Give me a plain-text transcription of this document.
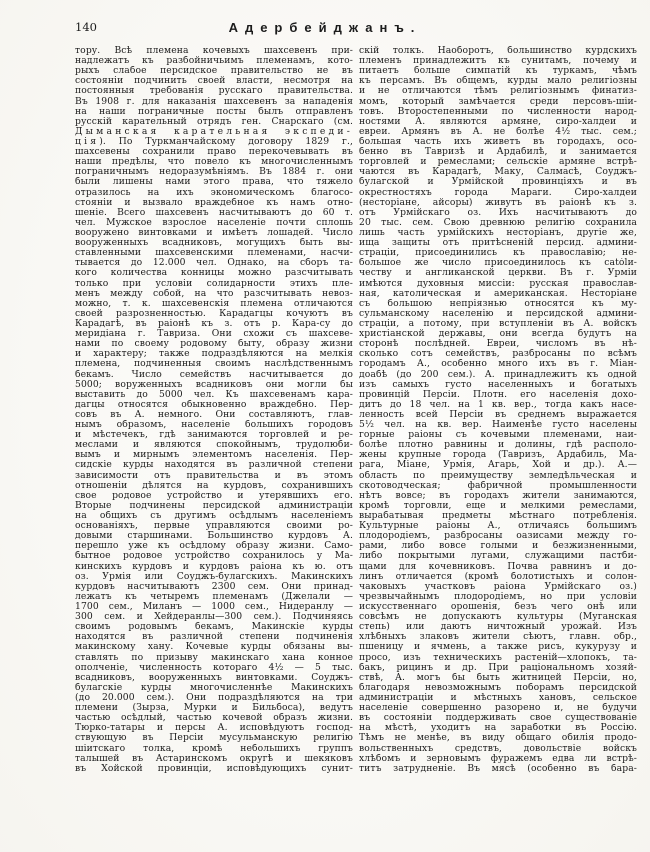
140	Адербейджанъ.
тору. Всѣ племена кочевыхъ шахсевенъ при-
надлежатъ къ разбойничьимъ племенамъ, кото-
рыхъ слабое персидское правительство не въ
состояніи подчинить своей власти, несмотря на
постоянныя требованія русскаго правительства.
Въ 1908 г. для наказанія шахсевенъ за нападенія
на наши пограничные посты былъ отправленъ
русскій карательный отрядъ ген. Снарскаго (см.
Дыманская карательная экспеди-
ція). По Туркманчайскому договору 1829 г.,
шахсевены сохранили право перекочевывать въ
наши предѣлы, что повело къ многочисленнымъ
пограничнымъ недоразумѣніямъ. Въ 1884 г. они
были лишены нами этого права, что тяжело
отразилось на ихъ экономическомъ благосо-
стояніи и вызвало враждебное къ намъ отно-
шеніе. Всего шахсевенъ насчитываютъ до 60 т.
чел. Мужское взрослое населеніе почти сплошь
вооружено винтовками и имѣетъ лошадей. Число
вооруженныхъ всадниковъ, могущихъ быть вы-
ставленными шахсевенскими племенами, насчи-
тывается до 12.000 чел. Однако, на сборъ та-
кого количества конницы можно разсчитывать
только при условіи солидарности этихъ пле-
менъ между собой, на что разсчитывать невоз-
можно, т. к. шахсевенскія племена отличаются
своей разрозненностью. Карадагцы кочуютъ въ
Карадагѣ, въ раіонѣ къ з. отъ р. Кара-су до
меридіана г. Тавриза. Они схожи съ шахсеве-
нами по своему родовому быту, образу жизни
и характеру; также подраздѣляются на мелкія
племена, подчиненныя своимъ наслѣдственнымъ
бекамъ. Число семействъ насчитывается до
5000; воруженныхъ всадниковъ они могли бы
выставить до 5000 чел. Къ шахсевенамъ кара-
дагцы относятся обыкновенно враждебно. Пер-
совъ въ А. немного. Они составляютъ, глав-
нымъ образомъ, населеніе большихъ городовъ
и мѣстечекъ, гдѣ занимаются торговлей и ре-
меслами и являются спокойнымъ, трудолюби-
вымъ и мирнымъ элементомъ населенія. Пер-
сидскіе курды находятся въ различной степени
зависимости отъ правительства и въ этомъ
отношеніи дѣлятся на курдовъ, сохранившихъ
свое родовое устройство и утерявшихъ его.
Вторые подчинены персидской администраціи
на общихъ съ другимъ осѣдлымъ населеніемъ
основаніяхъ, первые управляются своими ро-
довыми старшинами. Большинство курдовъ А.
перешло уже къ осѣдлому образу жизни. Само-
бытное родовое устройство сохранилось у Ма-
кинскихъ курдовъ и курдовъ раіона къ ю. отъ
оз. Урмія или Соуджъ-булагскихъ. Макинскихъ
курдовъ насчитываютъ 2300 сем. Они принад-
лежатъ къ четыремъ племенамъ (Джелали —
1700 сем., Миланъ — 1000 сем., Нидеранлу —
300 сем. и Хейдеранлы—300 сем.). Подчиняясь
своимъ родовымъ бекамъ, Макинскіе курды
находятся въ различной степени подчиненія
макинскому хану. Кочевые курды обязаны вы-
ставлять по призыву макинскаго хана конное
ополченіе, численность котораго 4½ — 5 тыс.
всадниковъ, вооруженныхъ винтовками. Соуджъ-
булагскіе курды многочисленнѣе Макинскихъ
(до 20.000 сем.). Они подраздѣляются на три
племени (Зырза, Мурки и Бильбоса), ведутъ
частью осѣдлый, частью кочевой образъ жизни.
Тюрко-татары и персы А. исповѣдуютъ господ-
ствующую въ Персіи мусульманскую религію
шіитскаго толка, кромѣ небольшихъ группъ
талышей въ Астаринскомъ округѣ и шекяковъ
въ Хойской провинціи, исповѣдующихъ сунит-
скій толкъ. Наоборотъ, большинство курдскихъ
племенъ принадлежитъ къ сунитамъ, почему и
питаетъ больше симпатій къ туркамъ, чѣмъ
къ персамъ. Въ общемъ, курды мало религіозны
и не отличаются тѣмъ религіознымъ финатиз-
момъ, который замѣчается среди персовъ-шіи-
товъ. Второстепенными по численности народ-
ностями А. являются армяне, сиро-халдеи и
евреи. Армянъ въ А. не болѣе 4½ тыс. сем.;
большая часть ихъ живетъ въ городахъ, осо-
бенно въ Тавризѣ и Ардабилѣ, и занимается
торговлей и ремеслами; сельскіе армяне встрѣ-
чаются въ Карадагѣ, Маку, Салмасѣ, Соуджъ-
булагской и Урмійской провинціяхъ и въ
окрестностяхъ города Мараги. Сиро-халдеи
(несторіане, айсоры) живутъ въ раіонѣ къ з.
отъ Урмійскаго оз. Ихъ насчитываютъ до
20 тыс. сем. Свою древнюю религію сохранила
лишь часть урмійскихъ несторіанъ, другіе же,
ища защиты отъ притѣсненій персид. админи-
страціи, присоединились къ православію; не-
большое же число присоединилось къ católи-
честву и англиканской церкви. Въ г. Урміи
имѣются духовныя миссіи: русская православ-
ная, католическая и американская. Несторіане
съ большою непріязнью относятся къ му-
сульманскому населенію и персидской админи-
страціи, а потому, при вступленіи въ А. войскъ
христіанской державы, они всегда будутъ на
сторонѣ послѣдней. Евреи, числомъ въ нѣ-
сколько сотъ семействъ, разбросаны по всѣмъ
городамъ А., особенно много ихъ въ г. Міан-
доабѣ (до 200 сем.). А. принадлежитъ къ одной
изъ самыхъ густо населенныхъ и богатыхъ
провинцій Персіи. Плотн. его населенія дохо-
дитъ до 18 чел. на 1 кв. вер., тогда какъ насе-
ленность всей Персіи въ среднемъ выражается
5½ чел. на кв. вер. Наименѣе густо населены
горные раіоны съ кочевыми племенами, наи-
болѣе плотно равнины и долины, гдѣ располо-
жены крупные города (Тавризъ, Ардабиль, Ма-
рага, Міане, Урмія, Агарь, Хой и др.). А.—
область по преимуществу земледѣльческая и
скотоводческая; фабричной промышленности
нѣтъ вовсе; въ городахъ жители занимаются,
кромѣ торговли, еще и мелкими ремеслами,
вырабатывая предметы мѣстнаго потребленія.
Культурные раіоны А., отличаясь большимъ
плодородіемъ, разбросаны оазисами между го-
рами, либо вовсе голыми и безжизненными,
либо покрытыми лугами, служащими пастби-
щами для кочевниковъ. Почва равнинъ и до-
линъ отличается (кромѣ болотистыхъ и солон-
чаковыхъ участковъ раіона Урмійскаго оз.)
чрезвычайнымъ плодородіемъ, но при условіи
искусственнаго орошенія, безъ чего онѣ или
совсѣмъ не допускаютъ культуры (Муганская
степь) или даютъ ничтожный урожай. Изъ
хлѣбныхъ злаковъ жители сѣютъ, главн. обр.,
пшеницу и ячмень, а также рисъ, кукурузу и
просо, изъ техническихъ растеній—хлопокъ, та-
бакъ, рицинъ и др. При раціональномъ хозяй-
ствѣ, А. могъ бы быть житницей Персіи, но,
благодаря невозможнымъ поборамъ персидской
администраціи и мѣстныхъ хановъ, сельское
населеніе совершенно разорено и, не будучи
въ состояніи поддерживать свое существованіе
на мѣстѣ, уходитъ на заработки въ Россію.
Тѣмъ не менѣе, въ виду общаго обилія продо-
вольственныхъ средствъ, довольствіе войскъ
хлѣбомъ и зерновымъ фуражемъ едва ли встрѣ-
титъ затрудненіе. Въ мясѣ (особенно въ бара-
